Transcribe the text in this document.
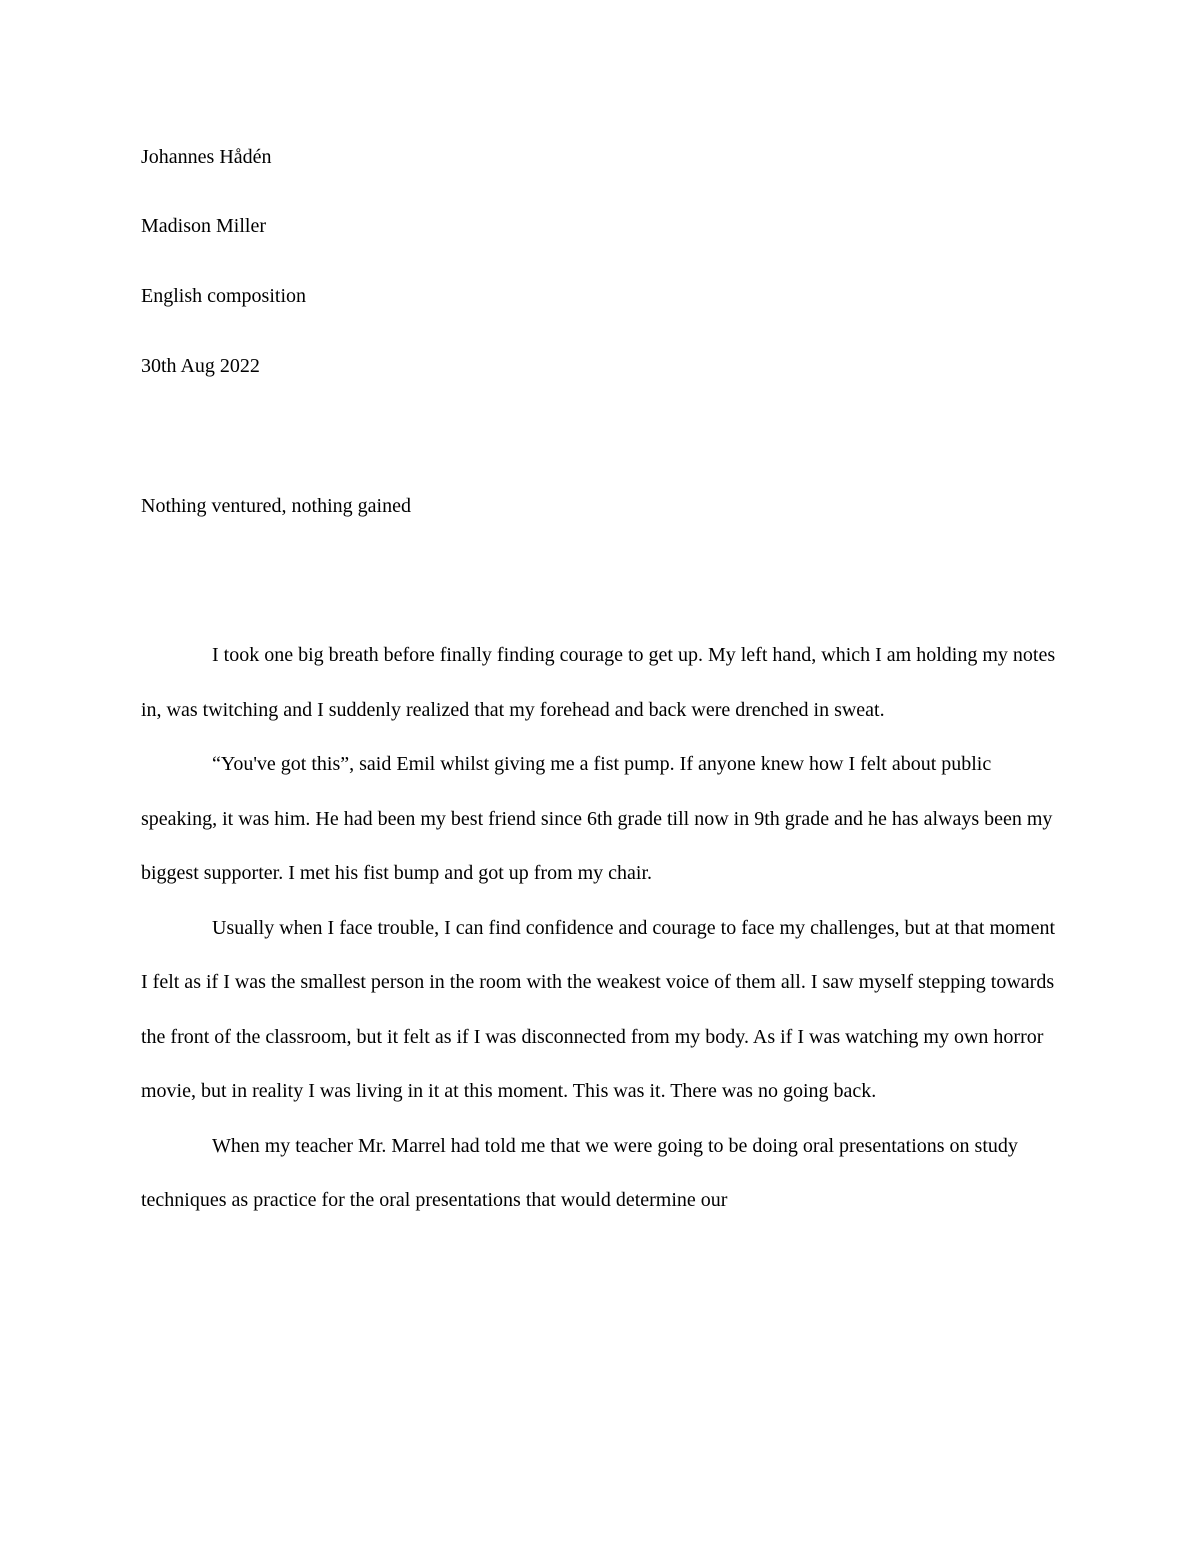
Johannes Hådén

Madison Miller

English composition

30th Aug 2022

Nothing ventured, nothing gained

I took one big breath before finally finding courage to get up. My left hand, which I am holding my notes in, was twitching and I suddenly realized that my forehead and back were drenched in sweat.

“You've got this”, said Emil whilst giving me a fist pump. If anyone knew how I felt about public speaking, it was him. He had been my best friend since 6th grade till now in 9th grade and he has always been my biggest supporter. I met his fist bump and got up from my chair.

Usually when I face trouble, I can find confidence and courage to face my challenges, but at that moment I felt as if I was the smallest person in the room with the weakest voice of them all. I saw myself stepping towards the front of the classroom, but it felt as if I was disconnected from my body. As if I was watching my own horror movie, but in reality I was living in it at this moment. This was it. There was no going back.

When my teacher Mr. Marrel had told me that we were going to be doing oral presentations on study techniques as practice for the oral presentations that would determine our
